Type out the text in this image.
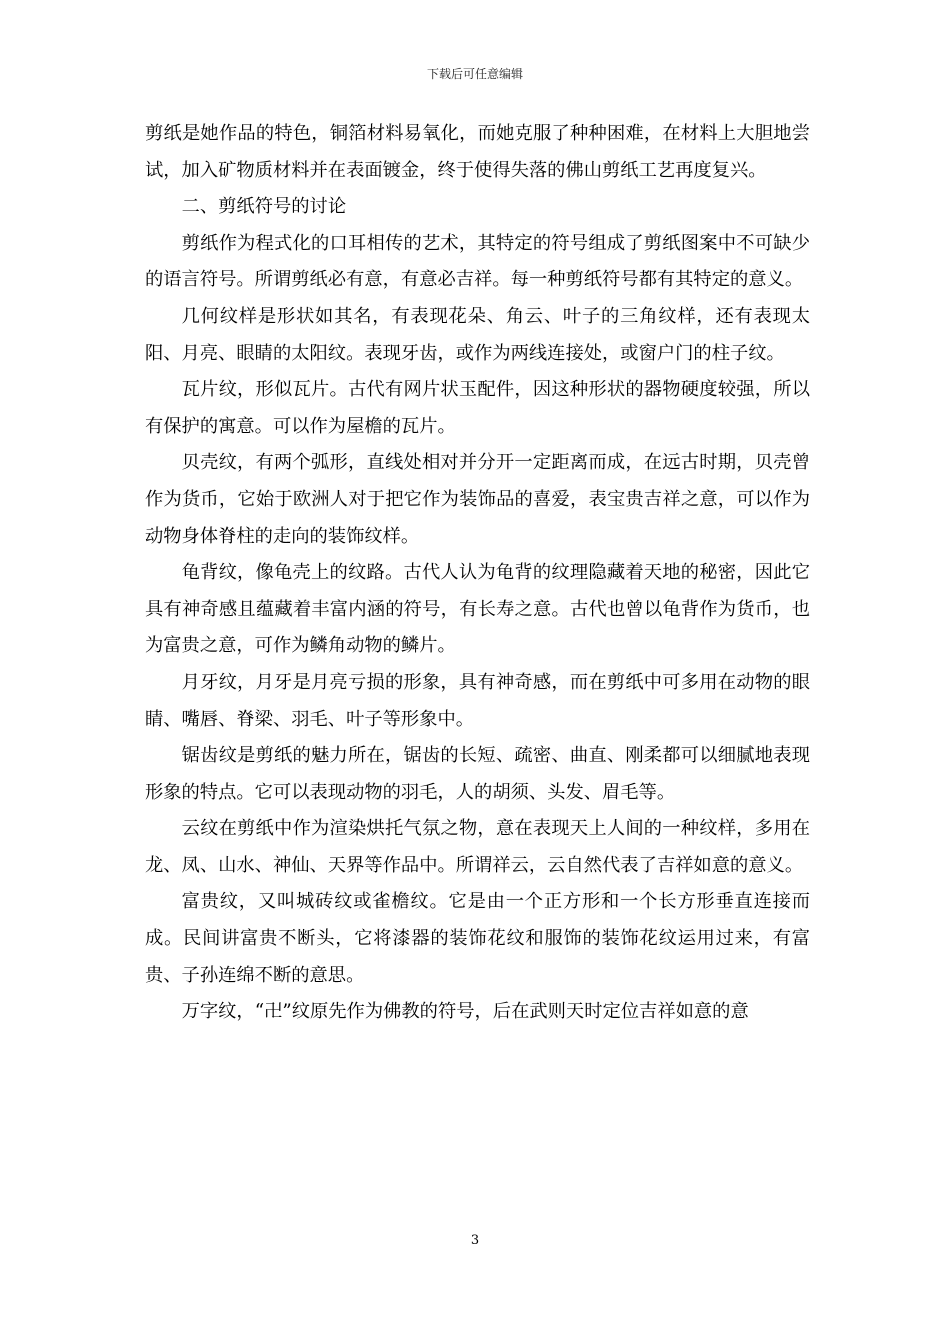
下载后可任意编辑

剪纸是她作品的特色，铜箔材料易氧化，而她克服了种种困难，在材料上大胆地尝试，加入矿物质材料并在表面镀金，终于使得失落的佛山剪纸工艺再度复兴。

二、剪纸符号的讨论

剪纸作为程式化的口耳相传的艺术，其特定的符号组成了剪纸图案中不可缺少的语言符号。所谓剪纸必有意，有意必吉祥。每一种剪纸符号都有其特定的意义。

几何纹样是形状如其名，有表现花朵、角云、叶子的三角纹样，还有表现太阳、月亮、眼睛的太阳纹。表现牙齿，或作为两线连接处，或窗户门的柱子纹。

瓦片纹，形似瓦片。古代有网片状玉配件，因这种形状的器物硬度较强，所以有保护的寓意。可以作为屋檐的瓦片。

贝壳纹，有两个弧形，直线处相对并分开一定距离而成，在远古时期，贝壳曾作为货币，它始于欧洲人对于把它作为装饰品的喜爱，表宝贵吉祥之意，可以作为动物身体脊柱的走向的装饰纹样。

龟背纹，像龟壳上的纹路。古代人认为龟背的纹理隐藏着天地的秘密，因此它具有神奇感且蕴藏着丰富内涵的符号，有长寿之意。古代也曾以龟背作为货币，也为富贵之意，可作为鳞角动物的鳞片。

月牙纹，月牙是月亮亏损的形象，具有神奇感，而在剪纸中可多用在动物的眼睛、嘴唇、脊梁、羽毛、叶子等形象中。

锯齿纹是剪纸的魅力所在，锯齿的长短、疏密、曲直、刚柔都可以细腻地表现形象的特点。它可以表现动物的羽毛，人的胡须、头发、眉毛等。

云纹在剪纸中作为渲染烘托气氛之物，意在表现天上人间的一种纹样，多用在龙、凤、山水、神仙、天界等作品中。所谓祥云，云自然代表了吉祥如意的意义。

富贵纹，又叫城砖纹或雀檐纹。它是由一个正方形和一个长方形垂直连接而成。民间讲富贵不断头，它将漆器的装饰花纹和服饰的装饰花纹运用过来，有富贵、子孙连绵不断的意思。

万字纹，“卍”纹原先作为佛教的符号，后在武则天时定位吉祥如意的意

3
